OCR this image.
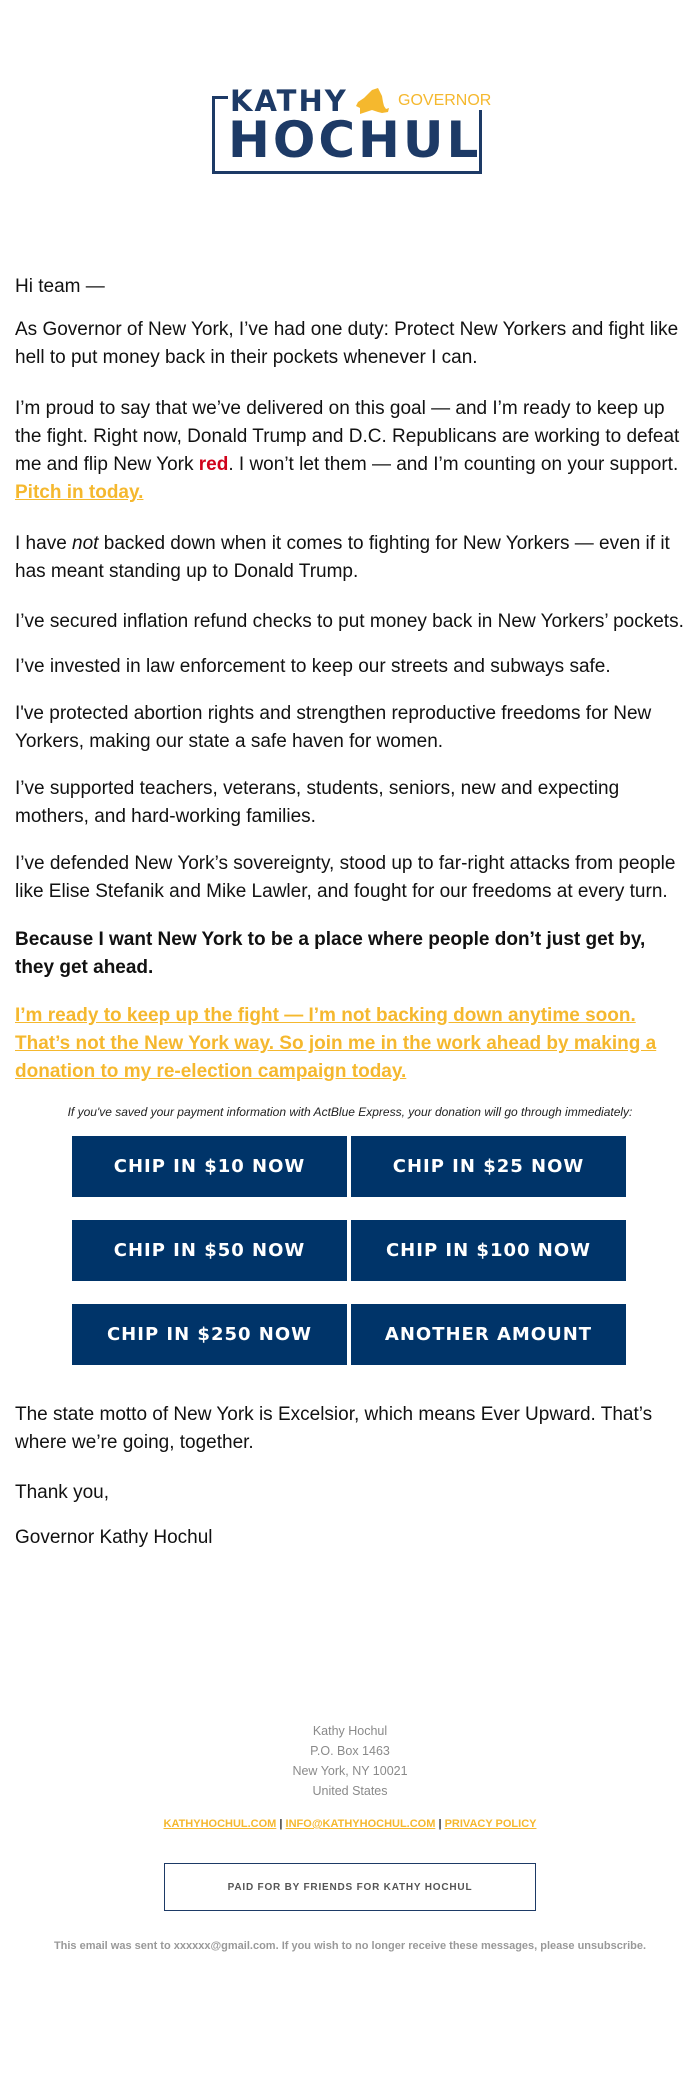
KATHY	GOVERNOR
HOCHUL

Hi team —

As Governor of New York, I’ve had one duty: Protect New Yorkers and fight like hell to put money back in their pockets whenever I can.

I’m proud to say that we’ve delivered on this goal — and I’m ready to keep up the fight. Right now, Donald Trump and D.C. Republicans are working to defeat me and flip New York red. I won’t let them — and I’m counting on your support. Pitch in today.

I have not backed down when it comes to fighting for New Yorkers — even if it has meant standing up to Donald Trump.

I’ve secured inflation refund checks to put money back in New Yorkers’ pockets.

I’ve invested in law enforcement to keep our streets and subways safe.

I've protected abortion rights and strengthen reproductive freedoms for New Yorkers, making our state a safe haven for women.

I’ve supported teachers, veterans, students, seniors, new and expecting mothers, and hard-working families.

I’ve defended New York’s sovereignty, stood up to far-right attacks from people like Elise Stefanik and Mike Lawler, and fought for our freedoms at every turn.

Because I want New York to be a place where people don’t just get by, they get ahead.

I’m ready to keep up the fight — I’m not backing down anytime soon. That’s not the New York way. So join me in the work ahead by making a donation to my re-election campaign today.

If you've saved your payment information with ActBlue Express, your donation will go through immediately:

The state motto of New York is Excelsior, which means Ever Upward. That’s where we’re going, together.

Thank you,

Governor Kathy Hochul

CHIP IN $10 NOW	CHIP IN $25 NOW
CHIP IN $50 NOW	CHIP IN $100 NOW
CHIP IN $250 NOW	ANOTHER AMOUNT
Kathy Hochul
P.O. Box 1463
New York, NY 10021
United States
KATHYHOCHUL.COM | INFO@KATHYHOCHUL.COM | PRIVACY POLICY
PAID FOR BY FRIENDS FOR KATHY HOCHUL
This email was sent to xxxxxx@gmail.com. If you wish to no longer receive these messages, please unsubscribe.
